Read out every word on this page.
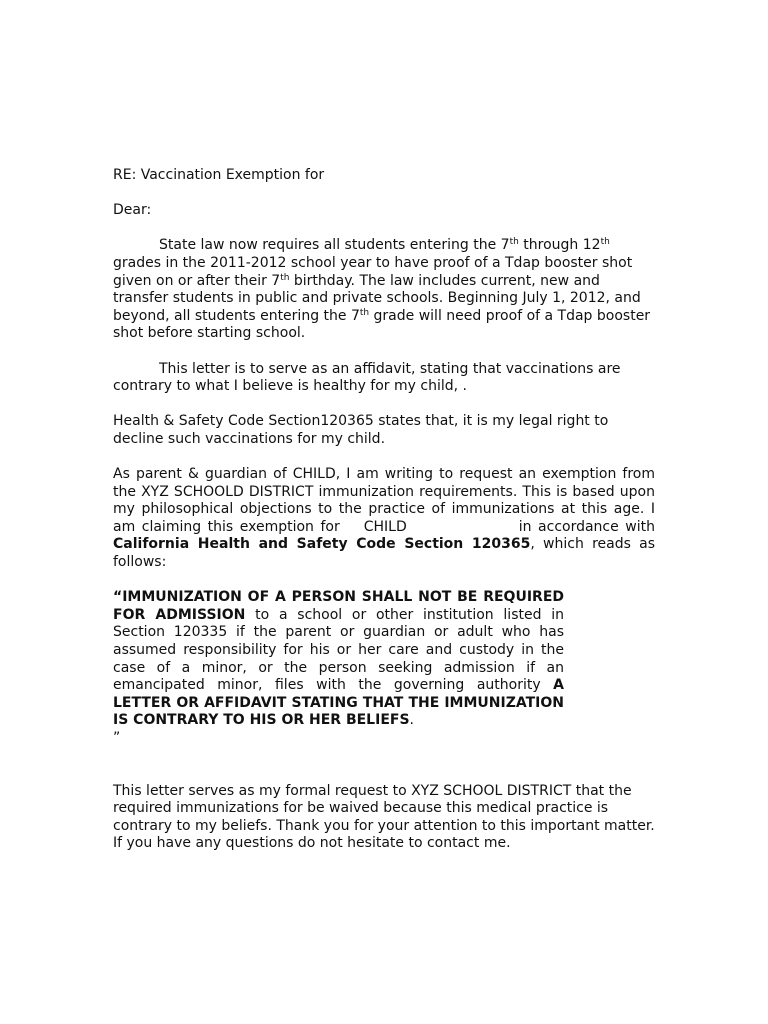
RE: Vaccination Exemption for

Dear:

State law now requires all students entering the 7th through 12th grades in the 2011-2012 school year to have proof of a Tdap booster shot given on or after their 7th birthday. The law includes current, new and transfer students in public and private schools. Beginning July 1, 2012, and beyond, all students entering the 7th grade will need proof of a Tdap booster shot before starting school.

This letter is to serve as an affidavit, stating that vaccinations are contrary to what I believe is healthy for my child, .

Health & Safety Code Section120365 states that, it is my legal right to decline such vaccinations for my child.

As parent & guardian of CHILD, I am writing to request an exemption from the XYZ SCHOOLD DISTRICT immunization requirements. This is based upon my philosophical objections to the practice of immunizations at this age. I am claiming this exemption for CHILD	in accordance with California Health and Safety Code Section 120365, which reads as follows:

“IMMUNIZATION OF A PERSON SHALL NOT BE REQUIRED FOR ADMISSION to a school or other institution listed in Section 120335 if the parent or guardian or adult who has assumed responsibility for his or her care and custody in the case of a minor, or the person seeking admission if an emancipated minor, files with the governing authority A LETTER OR AFFIDAVIT STATING THAT THE IMMUNIZATION IS CONTRARY TO HIS OR HER BELIEFS.
”

This letter serves as my formal request to XYZ SCHOOL DISTRICT that the required immunizations for be waived because this medical practice is contrary to my beliefs. Thank you for your attention to this important matter. If you have any questions do not hesitate to contact me.
